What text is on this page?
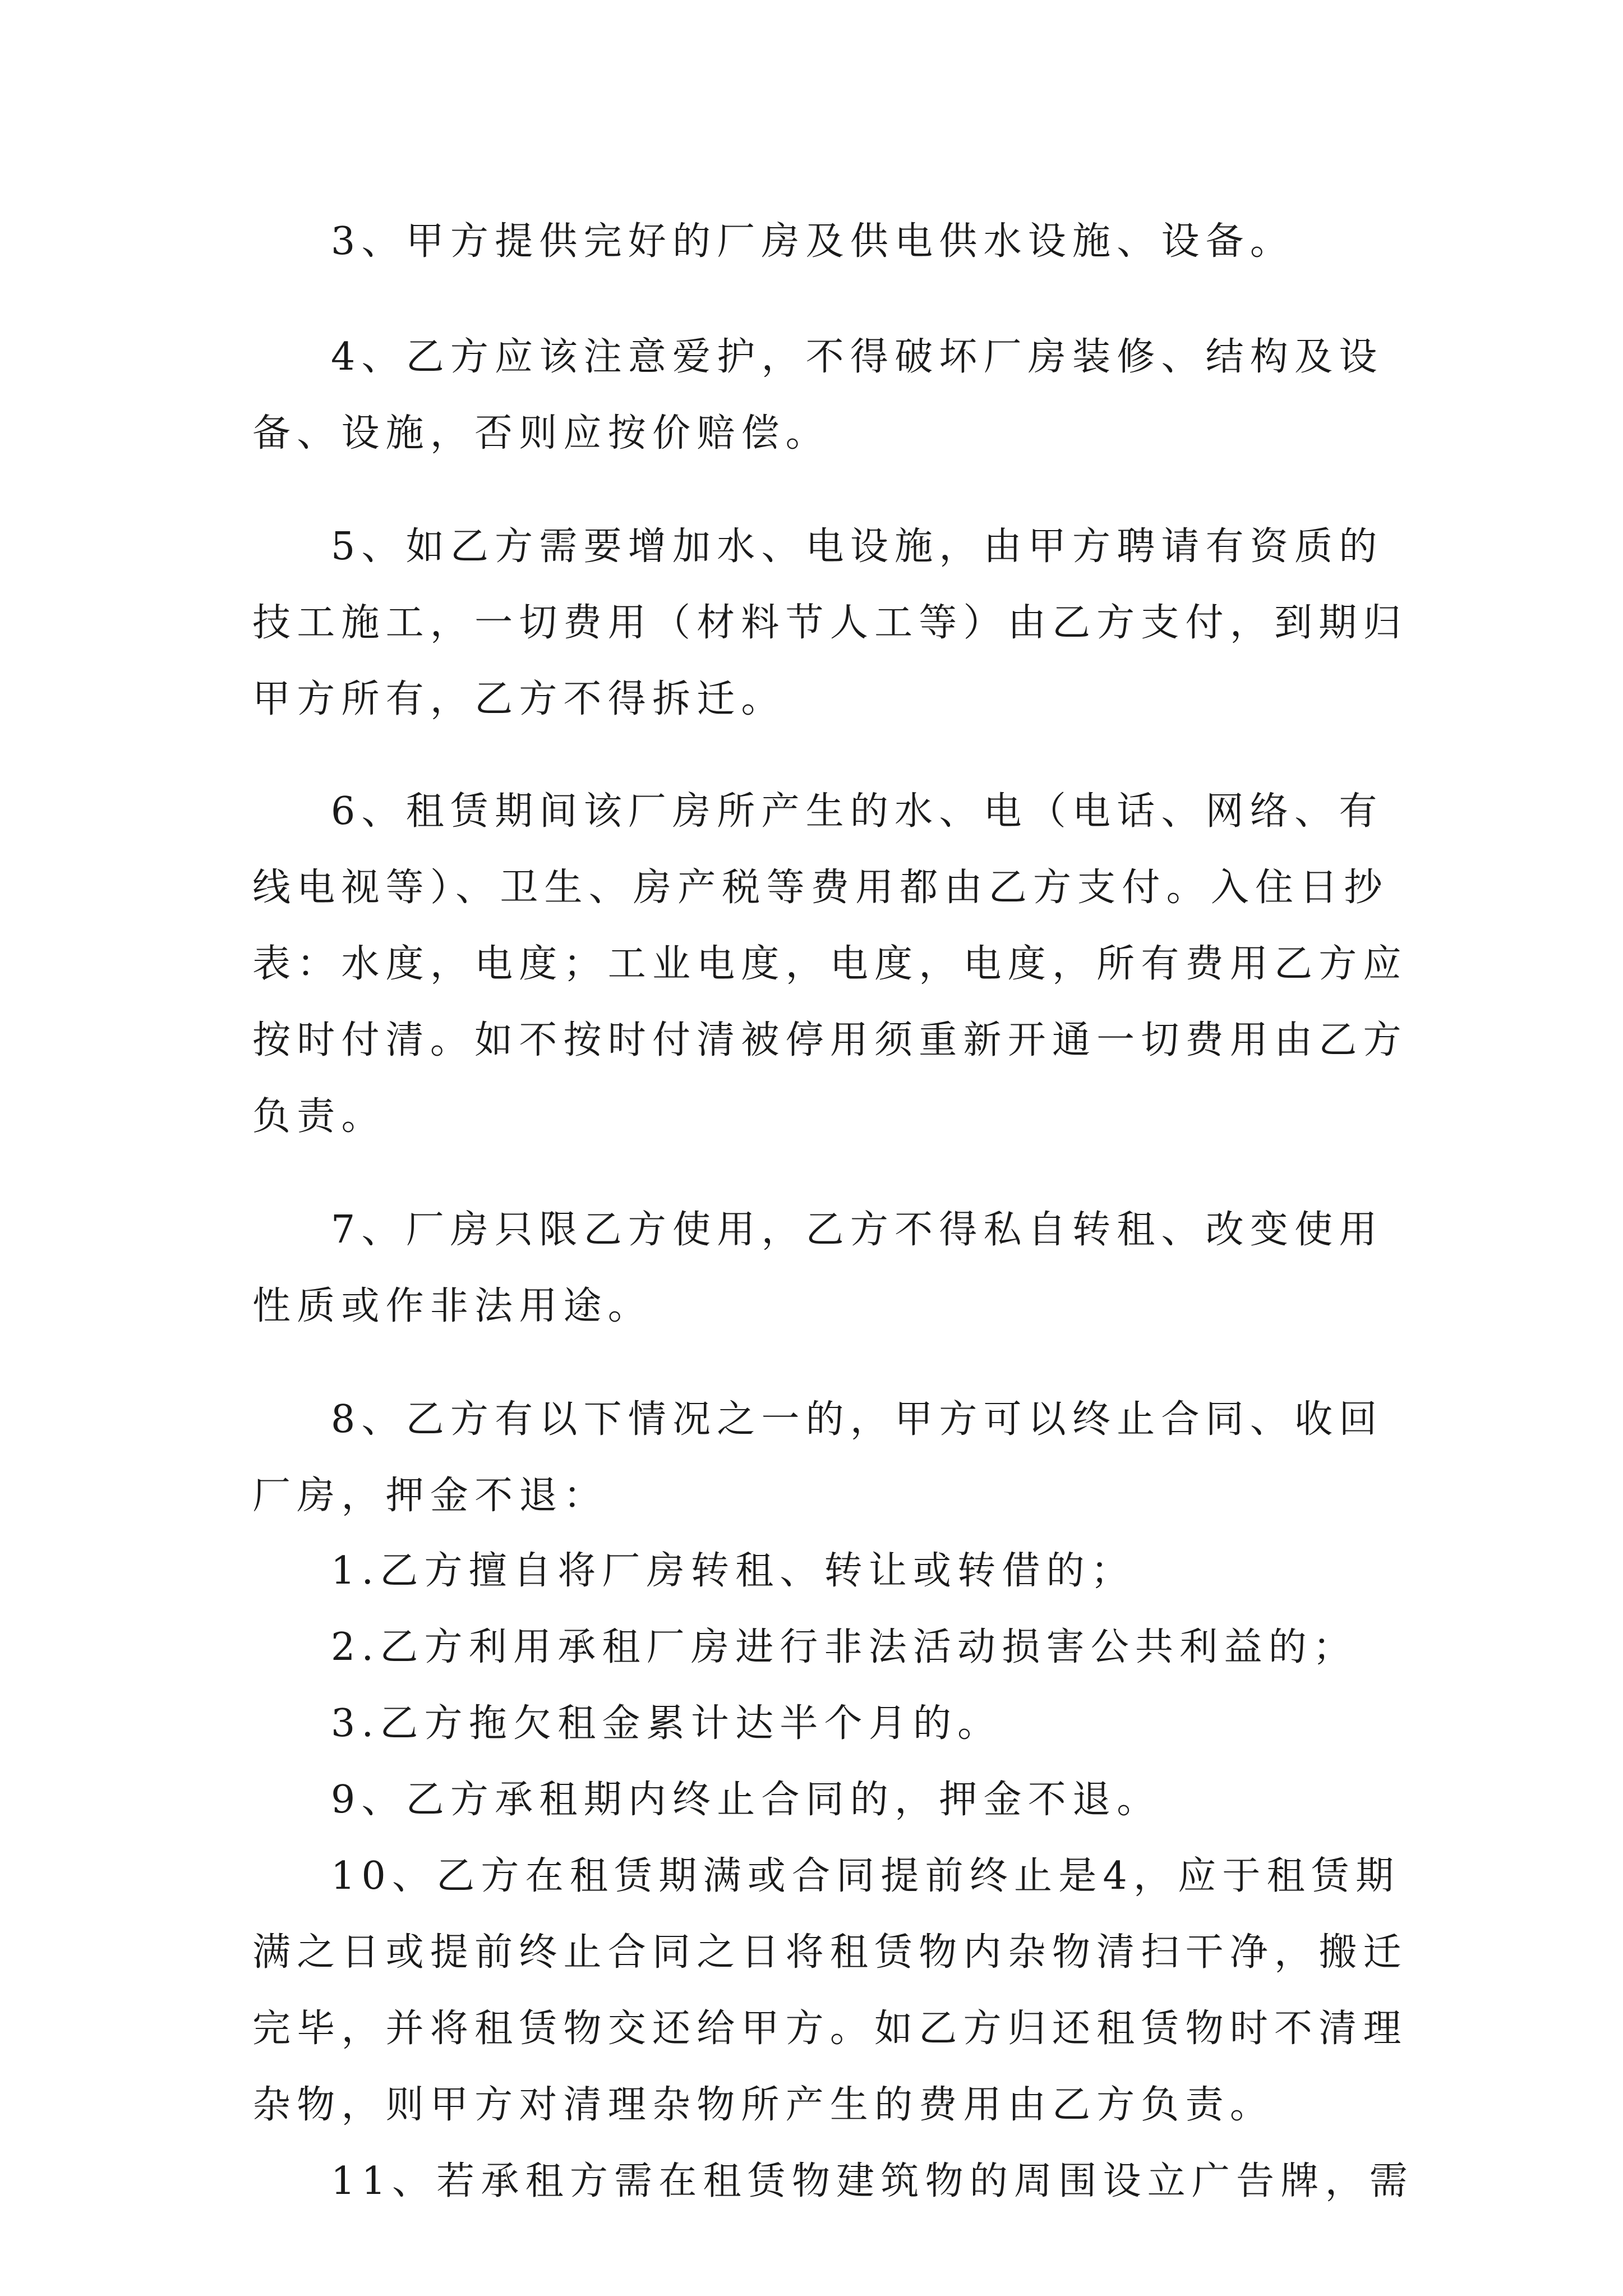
3、甲方提供完好的厂房及供电供水设施、设备。
4、乙方应该注意爱护，不得破坏厂房装修、结构及设
备、设施，否则应按价赔偿。
5、如乙方需要增加水、电设施，由甲方聘请有资质的
技工施工，一切费用（材料节人工等）由乙方支付，到期归
甲方所有，乙方不得拆迁。
6、租赁期间该厂房所产生的水、电（电话、网络、有
线电视等）、卫生、房产税等费用都由乙方支付。入住日抄
表：水度，电度；工业电度，电度，电度，所有费用乙方应
按时付清。如不按时付清被停用须重新开通一切费用由乙方
负责。
7、厂房只限乙方使用，乙方不得私自转租、改变使用
性质或作非法用途。
8、乙方有以下情况之一的，甲方可以终止合同、收回
厂房，押金不退：
1.乙方擅自将厂房转租、转让或转借的；
2.乙方利用承租厂房进行非法活动损害公共利益的；
3.乙方拖欠租金累计达半个月的。
9、乙方承租期内终止合同的，押金不退。
10、乙方在租赁期满或合同提前终止是4，应于租赁期
满之日或提前终止合同之日将租赁物内杂物清扫干净，搬迁
完毕，并将租赁物交还给甲方。如乙方归还租赁物时不清理
杂物，则甲方对清理杂物所产生的费用由乙方负责。
11、若承租方需在租赁物建筑物的周围设立广告牌，需
